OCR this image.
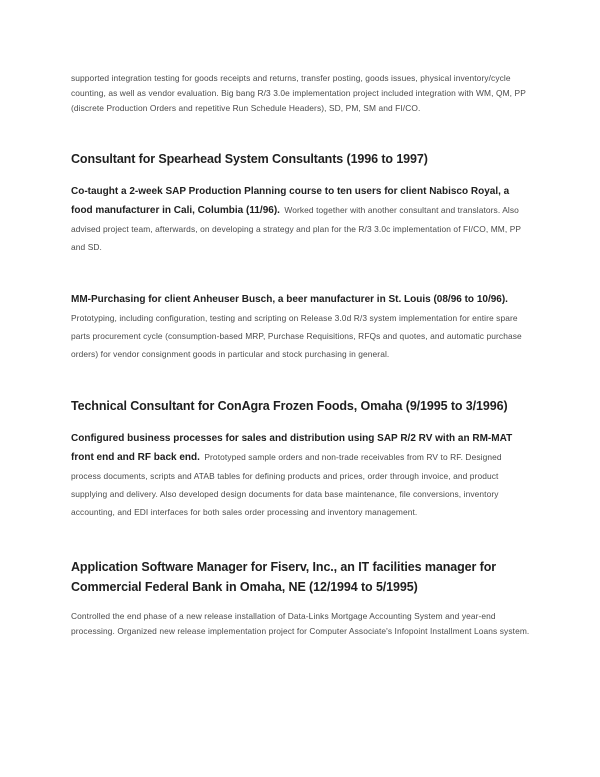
supported integration testing for goods receipts and returns, transfer posting, goods issues, physical inventory/cycle counting, as well as vendor evaluation. Big bang R/3 3.0e implementation project included integration with WM, QM, PP (discrete Production Orders and repetitive Run Schedule Headers), SD, PM, SM and FI/CO.

Consultant for Spearhead System Consultants (1996 to 1997)

Co-taught a 2-week SAP Production Planning course to ten users for client Nabisco Royal, a food manufacturer in Cali, Columbia (11/96). Worked together with another consultant and translators. Also advised project team, afterwards, on developing a strategy and plan for the R/3 3.0c implementation of FI/CO, MM, PP and SD.

MM-Purchasing for client Anheuser Busch, a beer manufacturer in St. Louis (08/96 to 10/96).
Prototyping, including configuration, testing and scripting on Release 3.0d R/3 system implementation for entire spare parts procurement cycle (consumption-based MRP, Purchase Requisitions, RFQs and quotes, and automatic purchase orders) for vendor consignment goods in particular and stock purchasing in general.

Technical Consultant for ConAgra Frozen Foods, Omaha (9/1995 to 3/1996)

Configured business processes for sales and distribution using SAP R/2 RV with an RM-MAT front end and RF back end. Prototyped sample orders and non-trade receivables from RV to RF. Designed process documents, scripts and ATAB tables for defining products and prices, order through invoice, and product supplying and delivery. Also developed design documents for data base maintenance, file conversions, inventory accounting, and EDI interfaces for both sales order processing and inventory management.

Application Software Manager for Fiserv, Inc., an IT facilities manager for Commercial Federal Bank in Omaha, NE (12/1994 to 5/1995)

Controlled the end phase of a new release installation of Data-Links Mortgage Accounting System and year-end processing. Organized new release implementation project for Computer Associate's Infopoint Installment Loans system.
